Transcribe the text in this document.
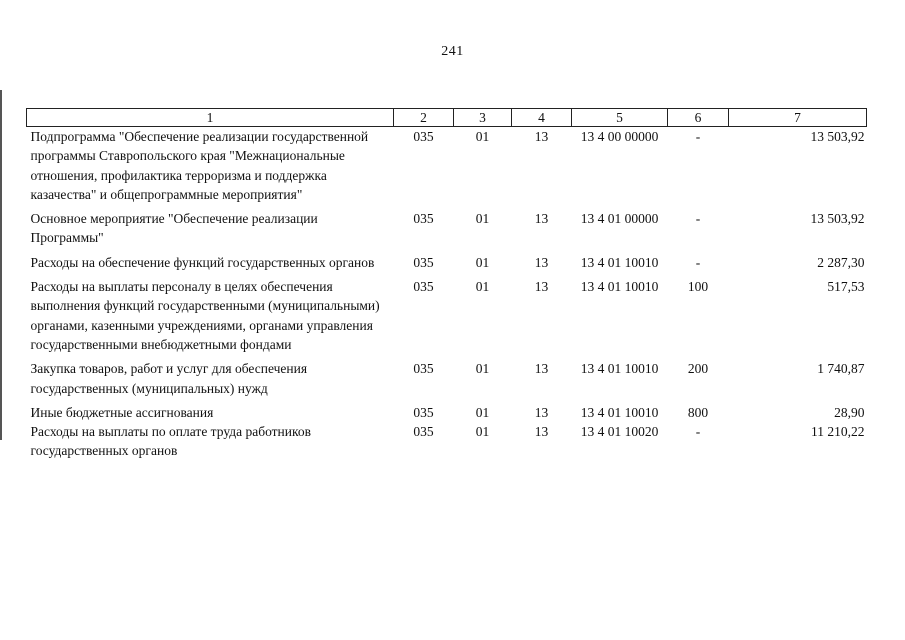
241
1	2	3	4	5	6	7
Подпрограмма "Обеспечение реализации государственной программы Ставропольского края "Межнациональные отношения, профилактика терроризма и поддержка казачества" и общепрограммные мероприятия"	035	01	13	13 4 00 00000	-	13 503,92
Основное мероприятие "Обеспечение реализации Программы"	035	01	13	13 4 01 00000	-	13 503,92
Расходы на обеспечение функций государственных органов	035	01	13	13 4 01 10010	-	2 287,30
Расходы на выплаты персоналу в целях обеспечения выполнения функций государственными (муниципальными) органами, казенными учреждениями, органами управления государственными внебюджетными фондами	035	01	13	13 4 01 10010	100	517,53
Закупка товаров, работ и услуг для обеспечения государственных (муниципальных) нужд	035	01	13	13 4 01 10010	200	1 740,87
Иные бюджетные ассигнования	035	01	13	13 4 01 10010	800	28,90
Расходы на выплаты по оплате труда работников государственных органов	035	01	13	13 4 01 10020	-	11 210,22
